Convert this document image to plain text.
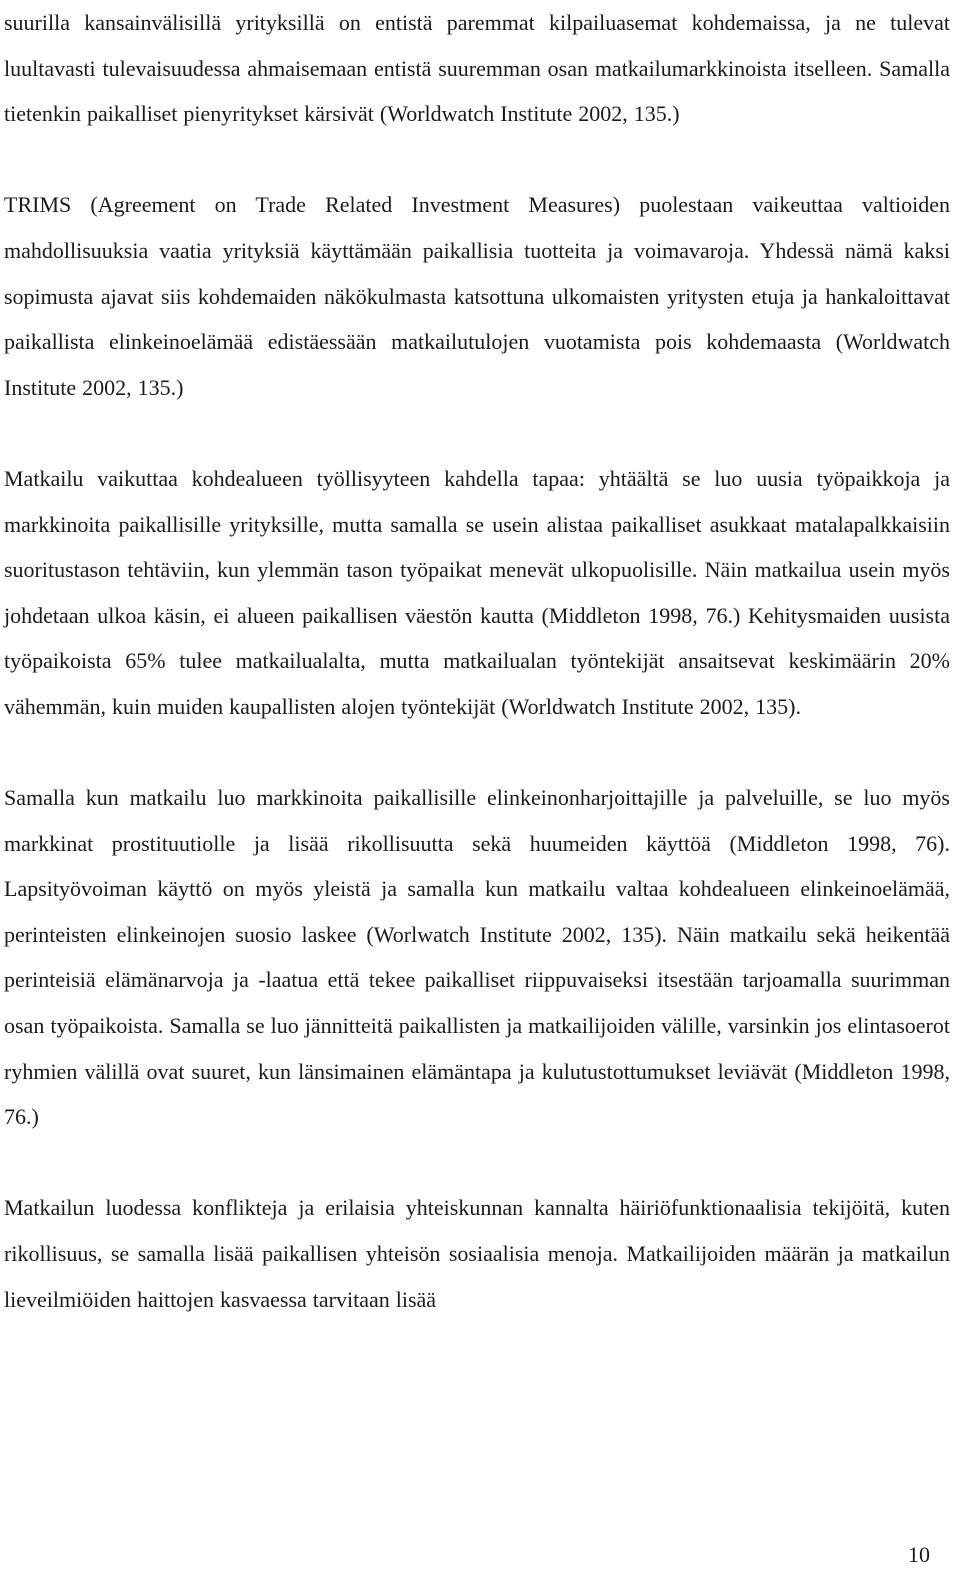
suurilla kansainvälisillä yrityksillä on entistä paremmat kilpailuasemat kohdemaissa, ja ne tulevat luultavasti tulevaisuudessa ahmaisemaan entistä suuremman osan matkailumarkkinoista itselleen. Samalla tietenkin paikalliset pienyritykset kärsivät (Worldwatch Institute 2002, 135.)

TRIMS (Agreement on Trade Related Investment Measures) puolestaan vaikeuttaa valtioiden mahdollisuuksia vaatia yrityksiä käyttämään paikallisia tuotteita ja voimavaroja. Yhdessä nämä kaksi sopimusta ajavat siis kohdemaiden näkökulmasta katsottuna ulkomaisten yritysten etuja ja hankaloittavat paikallista elinkeinoelämää edistäessään matkailutulojen vuotamista pois kohdemaasta (Worldwatch Institute 2002, 135.)

Matkailu vaikuttaa kohdealueen työllisyyteen kahdella tapaa: yhtäältä se luo uusia työpaikkoja ja markkinoita paikallisille yrityksille, mutta samalla se usein alistaa paikalliset asukkaat matalapalkkaisiin suoritustason tehtäviin, kun ylemmän tason työpaikat menevät ulkopuolisille. Näin matkailua usein myös johdetaan ulkoa käsin, ei alueen paikallisen väestön kautta (Middleton 1998, 76.) Kehitysmaiden uusista työpaikoista 65% tulee matkailualalta, mutta matkailualan työntekijät ansaitsevat keskimäärin 20% vähemmän, kuin muiden kaupallisten alojen työntekijät (Worldwatch Institute 2002, 135).

Samalla kun matkailu luo markkinoita paikallisille elinkeinonharjoittajille ja palveluille, se luo myös markkinat prostituutiolle ja lisää rikollisuutta sekä huumeiden käyttöä (Middleton 1998, 76). Lapsityövoiman käyttö on myös yleistä ja samalla kun matkailu valtaa kohdealueen elinkeinoelämää, perinteisten elinkeinojen suosio laskee (Worlwatch Institute 2002, 135). Näin matkailu sekä heikentää perinteisiä elämänarvoja ja -laatua että tekee paikalliset riippuvaiseksi itsestään tarjoamalla suurimman osan työpaikoista. Samalla se luo jännitteitä paikallisten ja matkailijoiden välille, varsinkin jos elintasoerot ryhmien välillä ovat suuret, kun länsimainen elämäntapa ja kulutustottumukset leviävät (Middleton 1998, 76.)

Matkailun luodessa konflikteja ja erilaisia yhteiskunnan kannalta häiriöfunktionaalisia tekijöitä, kuten rikollisuus, se samalla lisää paikallisen yhteisön sosiaalisia menoja. Matkailijoiden määrän ja matkailun lieveilmiöiden haittojen kasvaessa tarvitaan lisää

10
